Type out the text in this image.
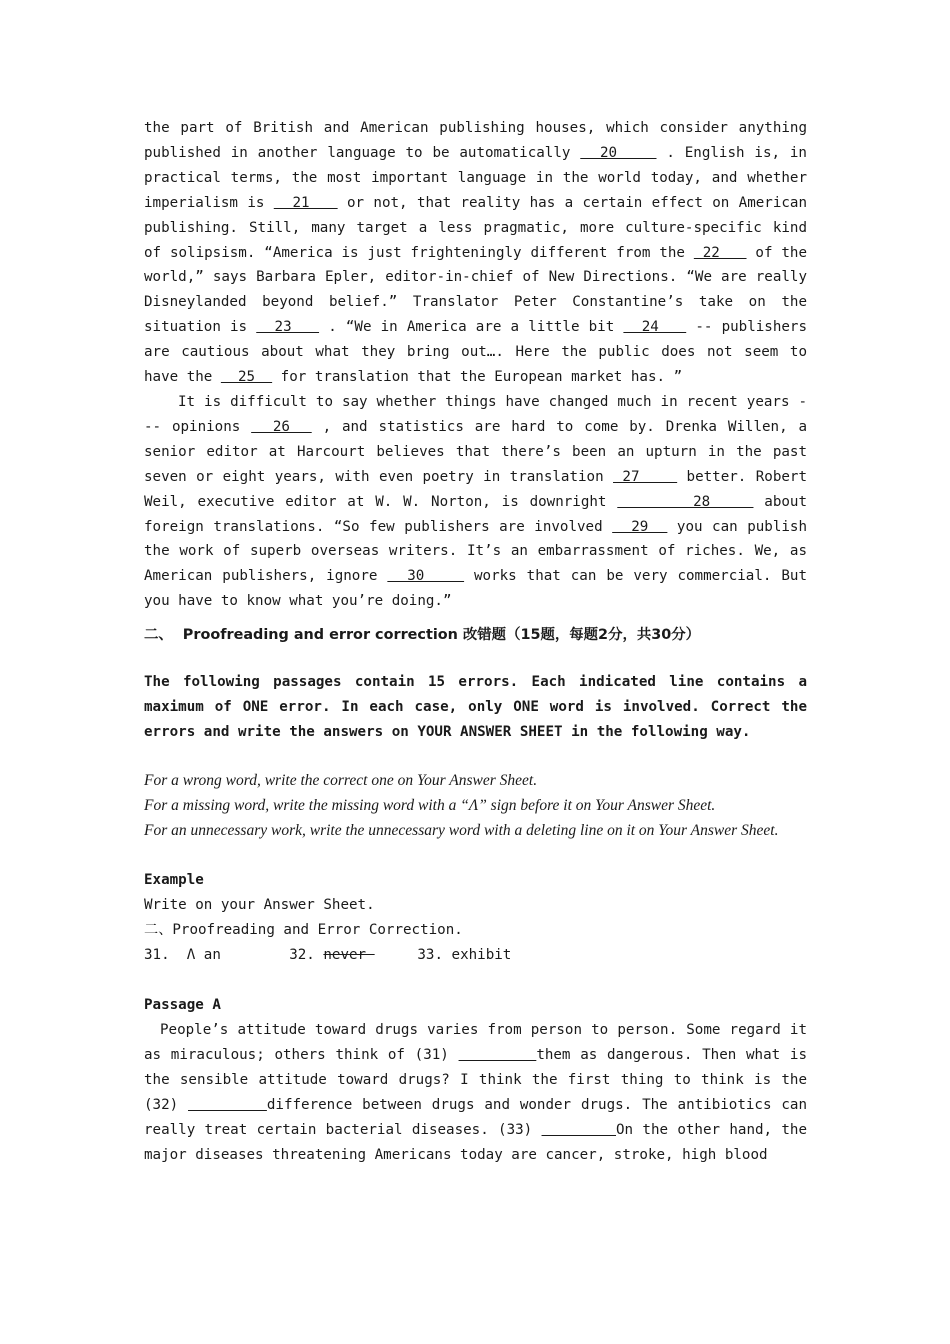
the part of British and American publishing houses, which consider anything published in another language to be automatically   20     . English is, in practical terms, the most important language in the world today, and whether imperialism is   21    or not, that reality has a certain effect on American publishing. Still, many target a less pragmatic, more culture-specific kind of solipsism. “America is just frighteningly different from the  22    of the world,” says Barbara Epler, editor-in-chief of New Directions. “We are really Disneylanded beyond belief.” Translator Peter Constantine’s take on the situation is   23    . “We in America are a little bit   24    -- publishers are cautious about what they bring out…. Here the public does not seem to have the   25   for translation that the European market has. ”

It is difficult to say whether things have changed much in recent years --- opinions   26   , and statistics are hard to come by. Drenka Willen, a senior editor at Harcourt believes that there’s been an upturn in the past seven or eight years, with even poetry in translation  27     better. Robert Weil, executive editor at W. W. Norton, is downright        28     about foreign translations. “So few publishers are involved   29   you can publish the work of superb overseas writers. It’s an embarrassment of riches. We, as American publishers, ignore   30     works that can be very commercial. But you have to know what you’re doing.”

二、  Proofreading and error correction 改错题（15题，每题2分，共30分）

The following passages contain 15 errors. Each indicated line contains a maximum of ONE error. In each case, only ONE word is involved. Correct the errors and write the answers on YOUR ANSWER SHEET in the following way.

For a wrong word, write the correct one on Your Answer Sheet.

For a missing word, write the missing word with a “Λ” sign before it on Your Answer Sheet.

For an unnecessary work, write the unnecessary word with a deleting line on it on Your Answer Sheet.

Example

Write on your Answer Sheet.

二、Proofreading and Error Correction.

31.  Λ an	32. never	33. exhibit

Passage A

People’s attitude toward drugs varies from person to person. Some regard it as miraculous; others think of (31)	them as dangerous. Then what is the sensible attitude toward drugs? I think the first thing to think is the (32)	difference between drugs and wonder drugs. The antibiotics can really treat certain bacterial diseases. (33)	On the other hand, the major diseases threatening Americans today are cancer, stroke, high blood
